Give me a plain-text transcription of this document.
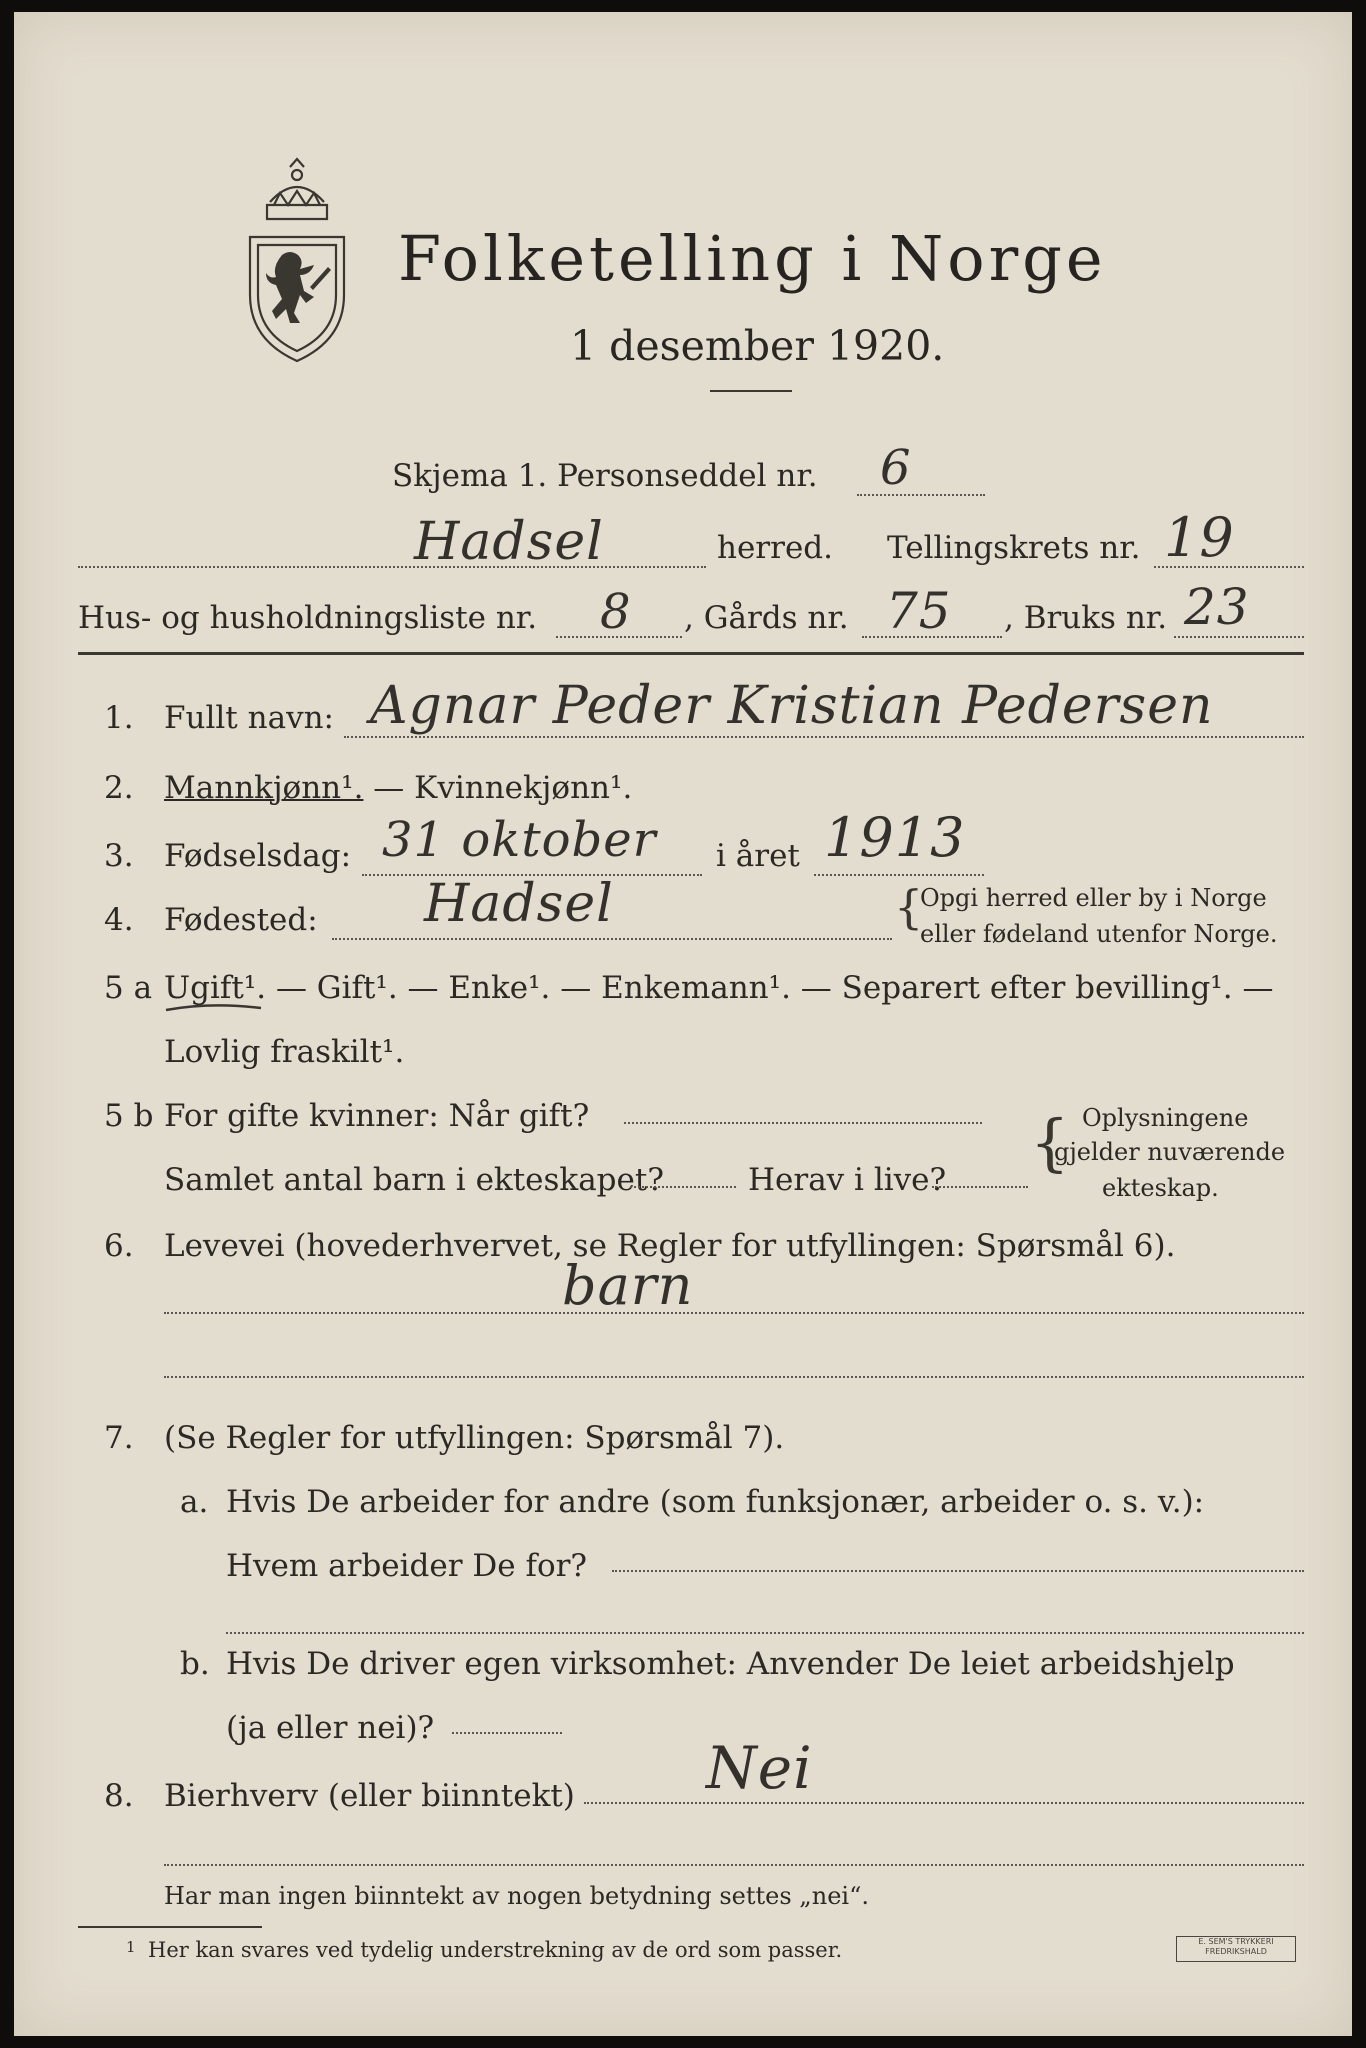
Folketelling i Norge
1 desember 1920.
Skjema 1. Personseddel nr. 6
Hadsel	herred. Tellingskrets nr. 19
Hus- og husholdningsliste nr. 8 , Gårds nr. 75 , Bruks nr. 23
1. Fullt navn: Agnar Peder Kristian Pedersen
2. Mannkjønn¹. — Kvinnekjønn¹.
3. Fødselsdag: 31 oktober i året 1913
4. Fødested: Hadsel	{
Opgi herred eller by i Norge
eller fødeland utenfor Norge.
5 a Ugift¹. — Gift¹. — Enke¹. — Enkemann¹. — Separert efter bevilling¹. —
Lovlig fraskilt¹.
5 b For gifte kvinner: Når gift?
Samlet antal barn i ekteskapet?	Herav i live?
{ Oplysningene
gjelder nuværende
ekteskap.
6. Levevei (hovederhvervet, se Regler for utfyllingen: Spørsmål 6).
barn
7. (Se Regler for utfyllingen: Spørsmål 7).
a. Hvis De arbeider for andre (som funksjonær, arbeider o. s. v.):
Hvem arbeider De for?
b. Hvis De driver egen virksomhet: Anvender De leiet arbeidshjelp
(ja eller nei)?
8. Bierhverv (eller biinntekt) Nei
Har man ingen biinntekt av nogen betydning settes „nei“.
1 Her kan svares ved tydelig understrekning av de ord som passer.	E. SEM'S TRYKKERI
FREDRIKSHALD
